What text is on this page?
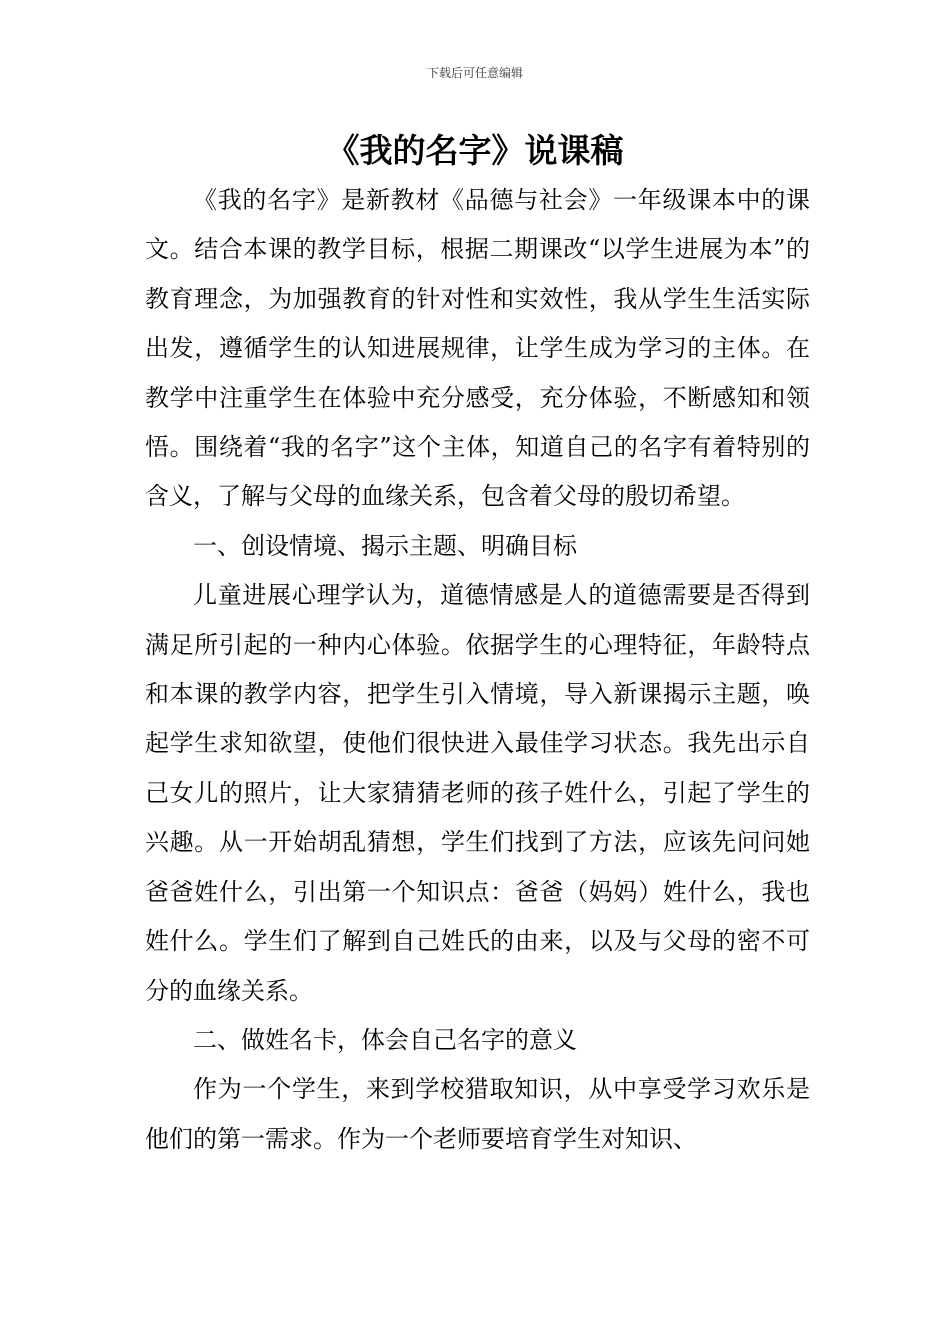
下载后可任意编辑
《我的名字》说课稿

《我的名字》是新教材《品德与社会》一年级课本中的课文。结合本课的教学目标，根据二期课改“以学生进展为本”的教育理念，为加强教育的针对性和实效性，我从学生生活实际出发，遵循学生的认知进展规律，让学生成为学习的主体。在教学中注重学生在体验中充分感受，充分体验，不断感知和领悟。围绕着“我的名字”这个主体，知道自己的名字有着特别的含义，了解与父母的血缘关系，包含着父母的殷切希望。

一、创设情境、揭示主题、明确目标

儿童进展心理学认为，道德情感是人的道德需要是否得到满足所引起的一种内心体验。依据学生的心理特征，年龄特点和本课的教学内容，把学生引入情境，导入新课揭示主题，唤起学生求知欲望，使他们很快进入最佳学习状态。我先出示自己女儿的照片，让大家猜猜老师的孩子姓什么，引起了学生的兴趣。从一开始胡乱猜想，学生们找到了方法，应该先问问她爸爸姓什么，引出第一个知识点：爸爸（妈妈）姓什么，我也姓什么。学生们了解到自己姓氏的由来，以及与父母的密不可分的血缘关系。

二、做姓名卡，体会自己名字的意义

作为一个学生，来到学校猎取知识，从中享受学习欢乐是他们的第一需求。作为一个老师要培育学生对知识、
